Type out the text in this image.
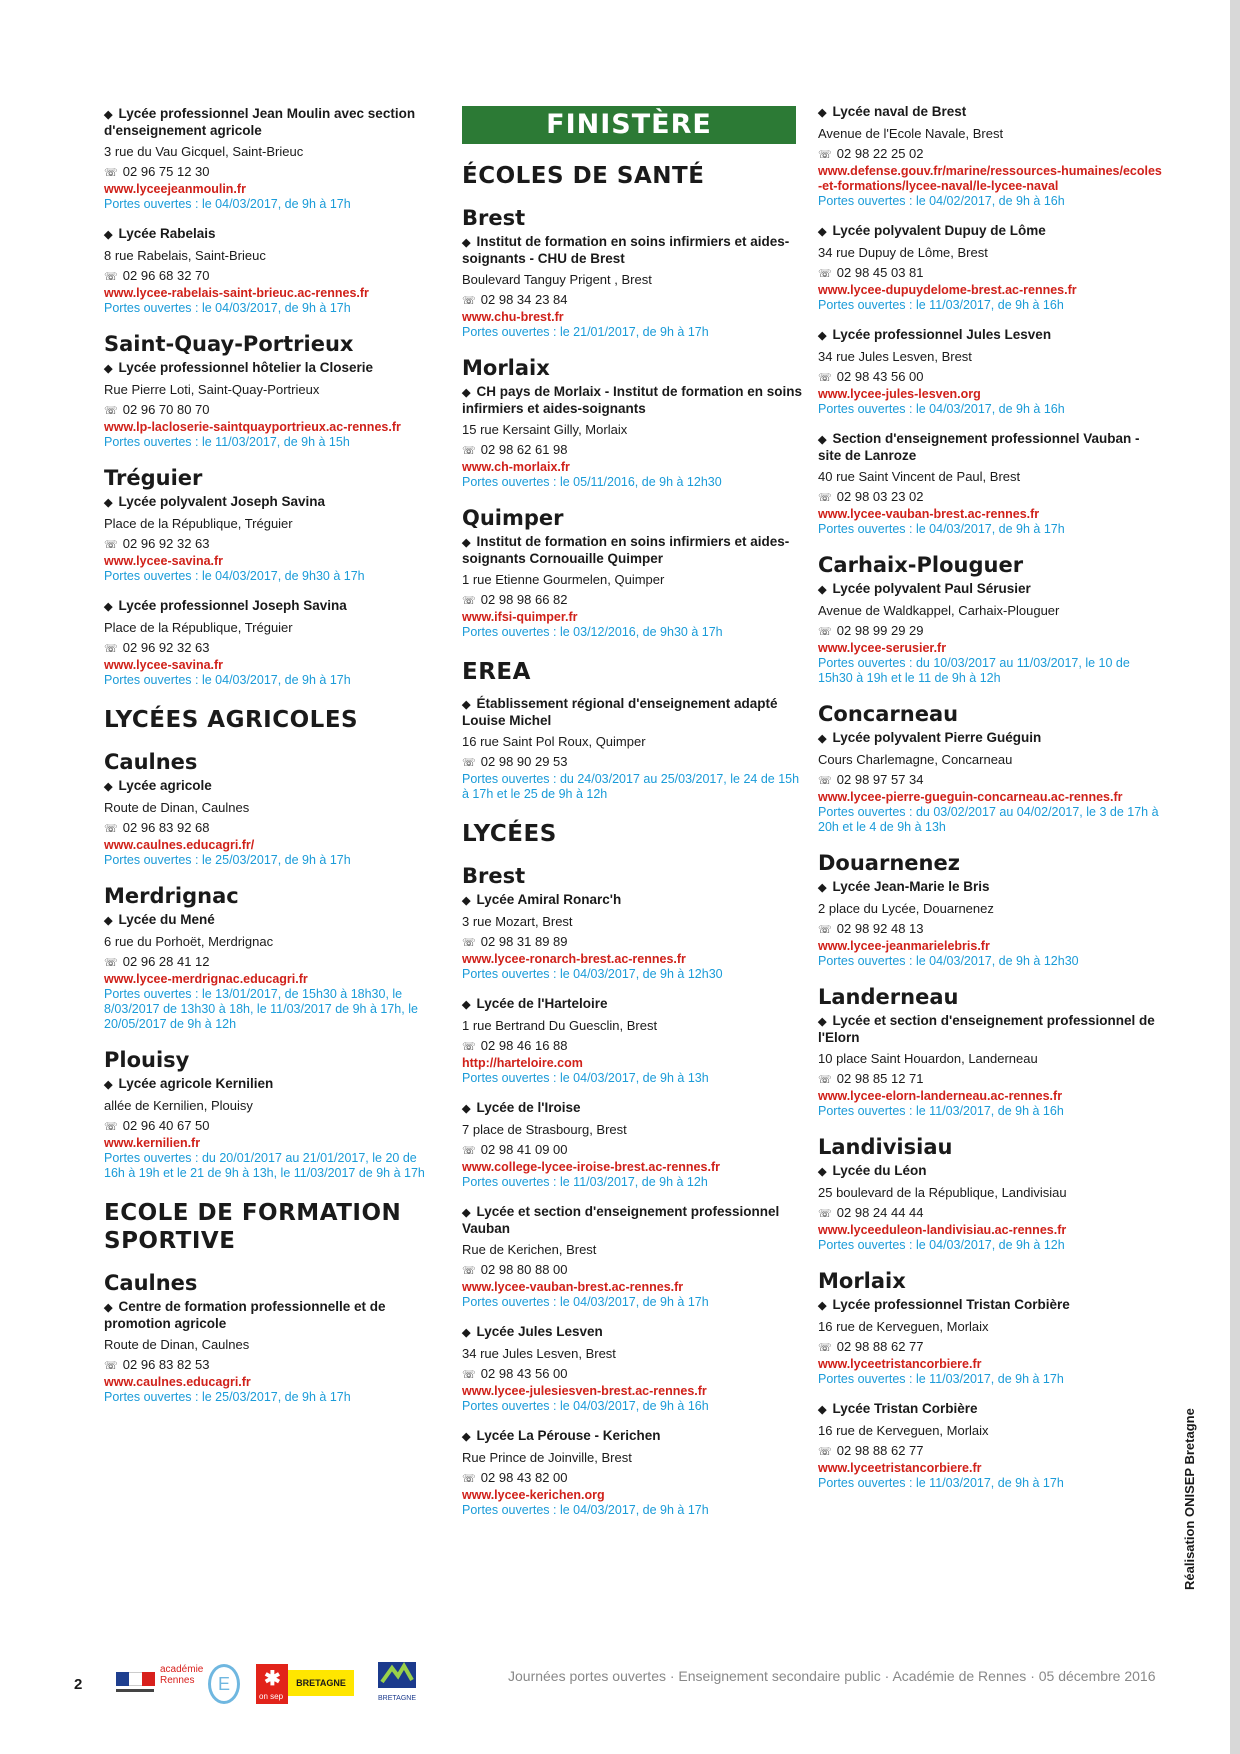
◆ Lycée professionnel Jean Moulin avec section d'enseignement agricole
3 rue du Vau Gicquel, Saint-Brieuc
☏ 02 96 75 12 30
www.lyceejeanmoulin.fr
Portes ouvertes : le 04/03/2017, de 9h à 17h
◆ Lycée Rabelais
8 rue Rabelais, Saint-Brieuc
☏ 02 96 68 32 70
www.lycee-rabelais-saint-brieuc.ac-rennes.fr
Portes ouvertes : le 04/03/2017, de 9h à 17h
Saint-Quay-Portrieux
◆ Lycée professionnel hôtelier la Closerie
Rue Pierre Loti, Saint-Quay-Portrieux
☏ 02 96 70 80 70
www.lp-lacloserie-saintquayportrieux.ac-rennes.fr
Portes ouvertes : le 11/03/2017, de 9h à 15h
Tréguier
◆ Lycée polyvalent Joseph Savina
Place de la République, Tréguier
☏ 02 96 92 32 63
www.lycee-savina.fr
Portes ouvertes : le 04/03/2017, de 9h30 à 17h
◆ Lycée professionnel Joseph Savina
Place de la République, Tréguier
☏ 02 96 92 32 63
www.lycee-savina.fr
Portes ouvertes : le 04/03/2017, de 9h à 17h
LYCÉES AGRICOLES
Caulnes
◆ Lycée agricole
Route de Dinan, Caulnes
☏ 02 96 83 92 68
www.caulnes.educagri.fr/
Portes ouvertes : le 25/03/2017, de 9h à 17h
Merdrignac
◆ Lycée du Mené
6 rue du Porhoët, Merdrignac
☏ 02 96 28 41 12
www.lycee-merdrignac.educagri.fr
Portes ouvertes : le 13/01/2017, de 15h30 à 18h30, le 8/03/2017 de 13h30 à 18h, le 11/03/2017 de 9h à 17h, le 20/05/2017 de 9h à 12h
Plouisy
◆ Lycée agricole Kernilien
allée de Kernilien, Plouisy
☏ 02 96 40 67 50
www.kernilien.fr
Portes ouvertes : du 20/01/2017 au 21/01/2017, le 20 de 16h à 19h et le 21 de 9h à 13h, le 11/03/2017 de 9h à 17h
ECOLE DE FORMATION SPORTIVE
Caulnes
◆ Centre de formation professionnelle et de promotion agricole
Route de Dinan, Caulnes
☏ 02 96 83 82 53
www.caulnes.educagri.fr
Portes ouvertes : le 25/03/2017, de 9h à 17h
FINISTÈRE
ÉCOLES DE SANTÉ
Brest
◆ Institut de formation en soins infirmiers et aides-soignants - CHU de Brest
Boulevard Tanguy Prigent , Brest
☏ 02 98 34 23 84
www.chu-brest.fr
Portes ouvertes : le 21/01/2017, de 9h à 17h
Morlaix
◆ CH pays de Morlaix - Institut de formation en soins infirmiers et aides-soignants
15 rue Kersaint Gilly, Morlaix
☏ 02 98 62 61 98
www.ch-morlaix.fr
Portes ouvertes : le 05/11/2016, de 9h à 12h30
Quimper
◆ Institut de formation en soins infirmiers et aides-soignants Cornouaille Quimper
1 rue Etienne Gourmelen, Quimper
☏ 02 98 98 66 82
www.ifsi-quimper.fr
Portes ouvertes : le 03/12/2016, de 9h30 à 17h
EREA
◆ Établissement régional d'enseignement adapté Louise Michel
16 rue Saint Pol Roux, Quimper
☏ 02 98 90 29 53
Portes ouvertes : du 24/03/2017 au 25/03/2017, le 24 de 15h à 17h et le 25 de 9h à 12h
LYCÉES
Brest
◆ Lycée Amiral Ronarc'h
3 rue Mozart, Brest
☏ 02 98 31 89 89
www.lycee-ronarch-brest.ac-rennes.fr
Portes ouvertes : le 04/03/2017, de 9h à 12h30
◆ Lycée de l'Harteloire
1 rue Bertrand Du Guesclin, Brest
☏ 02 98 46 16 88
http://harteloire.com
Portes ouvertes : le 04/03/2017, de 9h à 13h
◆ Lycée de l'Iroise
7 place de Strasbourg, Brest
☏ 02 98 41 09 00
www.college-lycee-iroise-brest.ac-rennes.fr
Portes ouvertes : le 11/03/2017, de 9h à 12h
◆ Lycée et section d'enseignement professionnel Vauban
Rue de Kerichen, Brest
☏ 02 98 80 88 00
www.lycee-vauban-brest.ac-rennes.fr
Portes ouvertes : le 04/03/2017, de 9h à 17h
◆ Lycée Jules Lesven
34 rue Jules Lesven, Brest
☏ 02 98 43 56 00
www.lycee-julesiesven-brest.ac-rennes.fr
Portes ouvertes : le 04/03/2017, de 9h à 16h
◆ Lycée La Pérouse - Kerichen
Rue Prince de Joinville, Brest
☏ 02 98 43 82 00
www.lycee-kerichen.org
Portes ouvertes : le 04/03/2017, de 9h à 17h
◆ Lycée naval de Brest
Avenue de l'Ecole Navale, Brest
☏ 02 98 22 25 02
www.defense.gouv.fr/marine/ressources-humaines/ecoles-et-formations/lycee-naval/le-lycee-naval
Portes ouvertes : le 04/02/2017, de 9h à 16h
◆ Lycée polyvalent Dupuy de Lôme
34 rue Dupuy de Lôme, Brest
☏ 02 98 45 03 81
www.lycee-dupuydelome-brest.ac-rennes.fr
Portes ouvertes : le 11/03/2017, de 9h à 16h
◆ Lycée professionnel Jules Lesven
34 rue Jules Lesven, Brest
☏ 02 98 43 56 00
www.lycee-jules-lesven.org
Portes ouvertes : le 04/03/2017, de 9h à 16h
◆ Section d'enseignement professionnel Vauban - site de Lanroze
40 rue Saint Vincent de Paul, Brest
☏ 02 98 03 23 02
www.lycee-vauban-brest.ac-rennes.fr
Portes ouvertes : le 04/03/2017, de 9h à 17h
Carhaix-Plouguer
◆ Lycée polyvalent Paul Sérusier
Avenue de Waldkappel, Carhaix-Plouguer
☏ 02 98 99 29 29
www.lycee-serusier.fr
Portes ouvertes : du 10/03/2017 au 11/03/2017, le 10 de 15h30 à 19h et le 11 de 9h à 12h
Concarneau
◆ Lycée polyvalent Pierre Guéguin
Cours Charlemagne, Concarneau
☏ 02 98 97 57 34
www.lycee-pierre-gueguin-concarneau.ac-rennes.fr
Portes ouvertes : du 03/02/2017 au 04/02/2017, le 3 de 17h à 20h et le 4 de 9h à 13h
Douarnenez
◆ Lycée Jean-Marie le Bris
2 place du Lycée, Douarnenez
☏ 02 98 92 48 13
www.lycee-jeanmarielebris.fr
Portes ouvertes : le 04/03/2017, de 9h à 12h30
Landerneau
◆ Lycée et section d'enseignement professionnel de l'Elorn
10 place Saint Houardon, Landerneau
☏ 02 98 85 12 71
www.lycee-elorn-landerneau.ac-rennes.fr
Portes ouvertes : le 11/03/2017, de 9h à 16h
Landivisiau
◆ Lycée du Léon
25 boulevard de la République, Landivisiau
☏ 02 98 24 44 44
www.lyceeduleon-landivisiau.ac-rennes.fr
Portes ouvertes : le 04/03/2017, de 9h à 12h
Morlaix
◆ Lycée professionnel Tristan Corbière
16 rue de Kerveguen, Morlaix
☏ 02 98 88 62 77
www.lyceetristancorbiere.fr
Portes ouvertes : le 11/03/2017, de 9h à 17h
◆ Lycée Tristan Corbière
16 rue de Kerveguen, Morlaix
☏ 02 98 88 62 77
www.lyceetristancorbiere.fr
Portes ouvertes : le 11/03/2017, de 9h à 17h
2
académie Rennes	E	✱
on sep
BRETAGNE
BRETAGNE
Journées portes ouvertes · Enseignement secondaire public · Académie de Rennes · 05 décembre 2016
Réalisation ONISEP Bretagne
